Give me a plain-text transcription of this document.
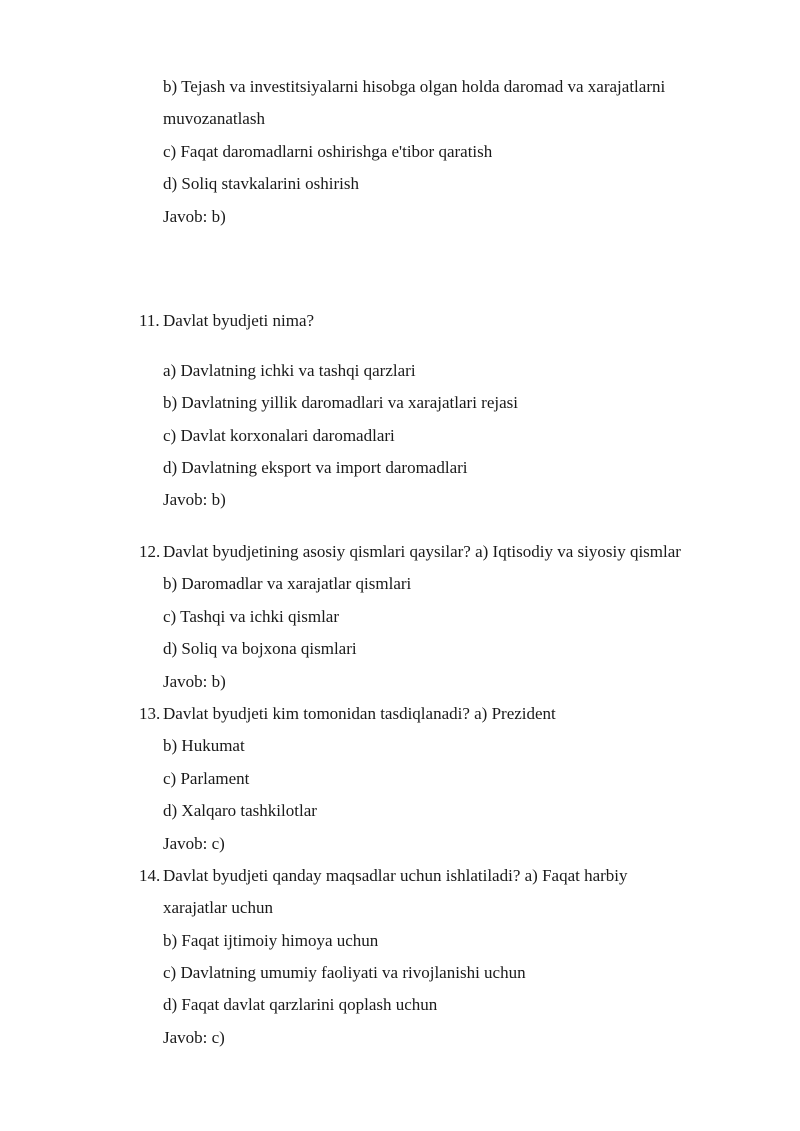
b) Tejash va investitsiyalarni hisobga olgan holda daromad va xarajatlarni
muvozanatlash
c) Faqat daromadlarni oshirishga e'tibor qaratish
d) Soliq stavkalarini oshirish
Javob: b)
11. Davlat byudjeti nima?
a) Davlatning ichki va tashqi qarzlari
b) Davlatning yillik daromadlari va xarajatlari rejasi
c) Davlat korxonalari daromadlari
d) Davlatning eksport va import daromadlari
Javob: b)
12. Davlat byudjetining asosiy qismlari qaysilar? a) Iqtisodiy va siyosiy qismlar
b) Daromadlar va xarajatlar qismlari
c) Tashqi va ichki qismlar
d) Soliq va bojxona qismlari
Javob: b)
13. Davlat byudjeti kim tomonidan tasdiqlanadi? a) Prezident
b) Hukumat
c) Parlament
d) Xalqaro tashkilotlar
Javob: c)
14. Davlat byudjeti qanday maqsadlar uchun ishlatiladi? a) Faqat harbiy
xarajatlar uchun
b) Faqat ijtimoiy himoya uchun
c) Davlatning umumiy faoliyati va rivojlanishi uchun
d) Faqat davlat qarzlarini qoplash uchun
Javob: c)
